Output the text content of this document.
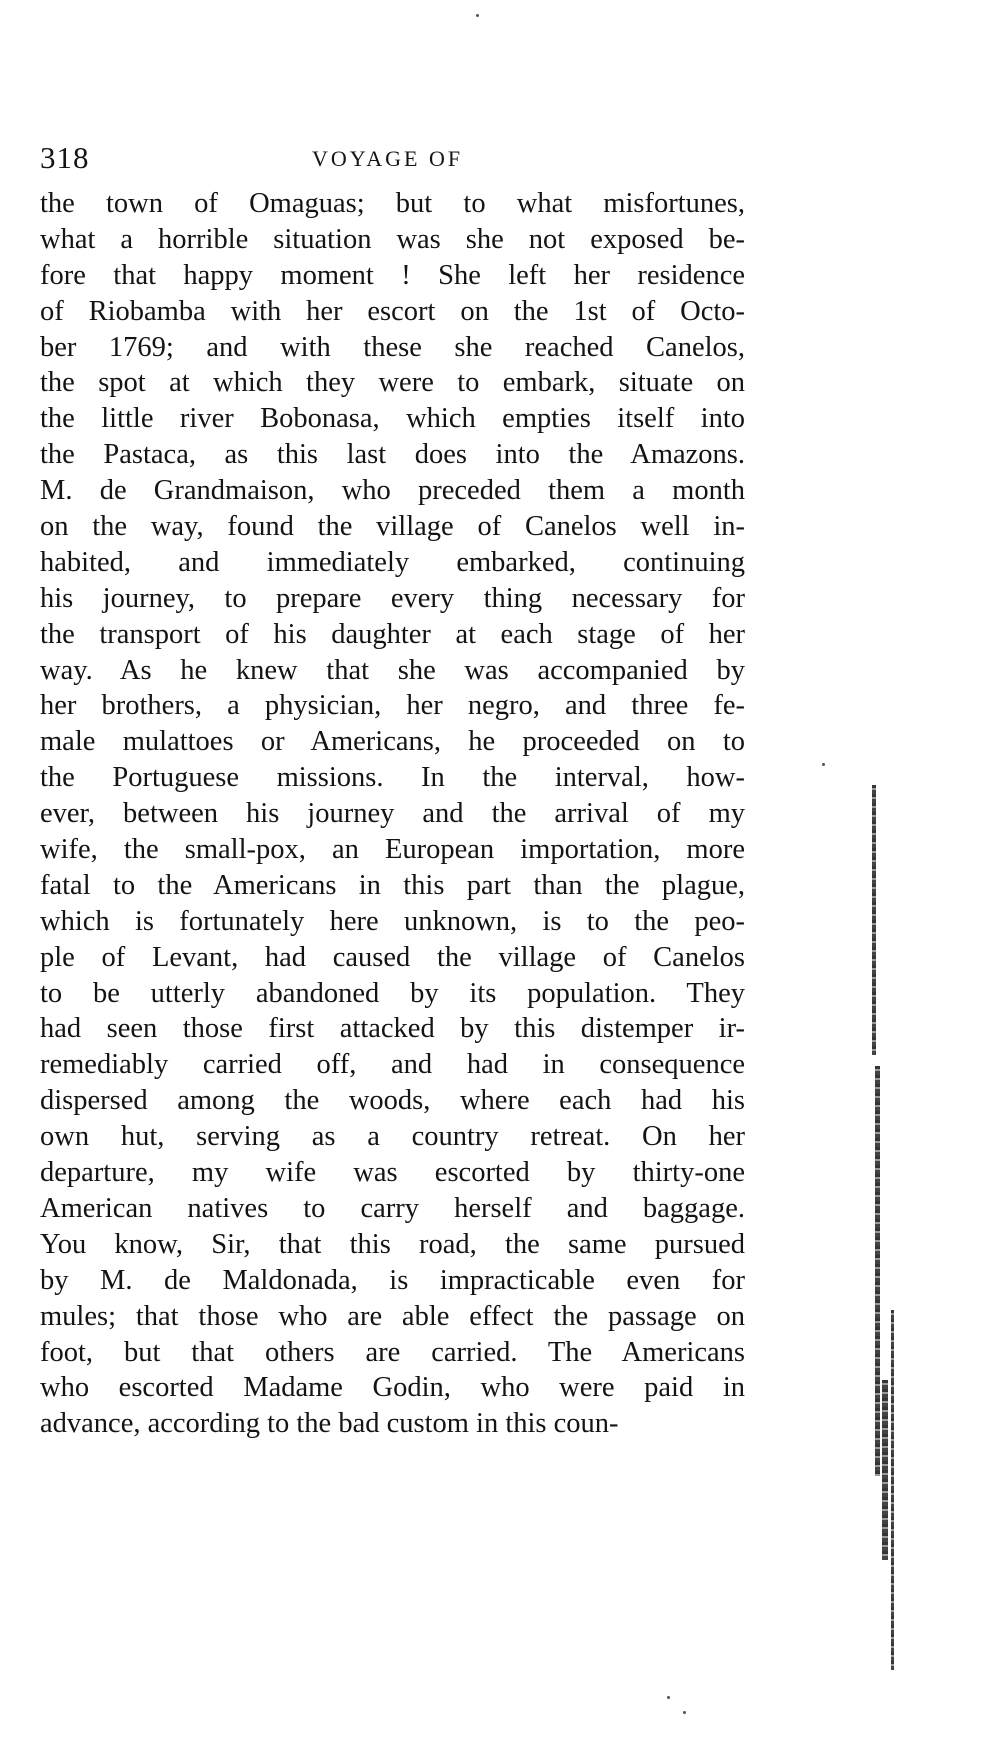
318	VOYAGE OF
the town of Omaguas; but to what misfortunes,
what a horrible situation was she not exposed be-
fore that happy moment ! She left her residence
of Riobamba with her escort on the 1st of Octo-
ber 1769; and with these she reached Canelos,
the spot at which they were to embark, situate on
the little river Bobonasa, which empties itself into
the Pastaca, as this last does into the Amazons.
M. de Grandmaison, who preceded them a month
on the way, found the village of Canelos well in-
habited, and immediately embarked, continuing
his journey, to prepare every thing necessary for
the transport of his daughter at each stage of her
way. As he knew that she was accompanied by
her brothers, a physician, her negro, and three fe-
male mulattoes or Americans, he proceeded on to
the Portuguese missions. In the interval, how-
ever, between his journey and the arrival of my
wife, the small-pox, an European importation, more
fatal to the Americans in this part than the plague,
which is fortunately here unknown, is to the peo-
ple of Levant, had caused the village of Canelos
to be utterly abandoned by its population. They
had seen those first attacked by this distemper ir-
remediably carried off, and had in consequence
dispersed among the woods, where each had his
own hut, serving as a country retreat. On her
departure, my wife was escorted by thirty-one
American natives to carry herself and baggage.
You know, Sir, that this road, the same pursued
by M. de Maldonada, is impracticable even for
mules; that those who are able effect the passage on
foot, but that others are carried. The Americans
who escorted Madame Godin, who were paid in
advance, according to the bad custom in this coun-
